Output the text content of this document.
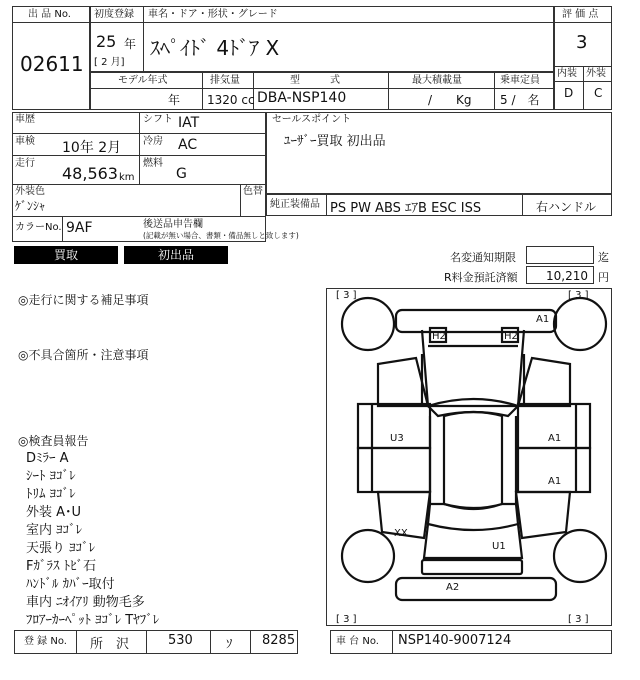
出 品 No.
02611
初度登録 車名・ドア・形状・グレード
25 年
[ 2 月]
ｽﾍﾟｲﾄﾞ 4ﾄﾞｱ X
評 価 点
3
内装 外装
D C
モデル年式	排気量	型　　　式	最大積載量	乗車定員
年 1320 cc DBA-NSP140	/　　Kg 5 /　名
車歴
車検 10年 2月
走行
48,563 km
シフト IAT
冷房 AC
燃料
G
外装色
ｹﾞﾝｼｬ
色替
カラーNo. 9AF	後送品申告欄
(記載が無い場合、書類・備品無しと致します)
セールスポイント
ﾕｰｻﾞｰ買取 初出品
純正装備品 PS PW ABS ｴｱB ESC ISS	右ハンドル
買取	初出品	名変通知期限	迄
R料金預託済額 10,210 円
◎走行に関する補足事項
◎不具合箇所・注意事項
◎検査員報告
Dﾐﾗｰ A
ｼｰﾄ ﾖｺﾞﾚ
ﾄﾘﾑ ﾖｺﾞﾚ
外装 A･U
室内 ﾖｺﾞﾚ
天張り ﾖｺﾞﾚ
Fｶﾞﾗｽ ﾄﾋﾞ石
ﾊﾝﾄﾞﾙ ｶﾊﾞｰ取付
車内 ﾆｵｲｱﾘ 動物毛多
ﾌﾛｱｰｶｰﾍﾟｯﾄ ﾖｺﾞﾚ Tﾔﾌﾞﾚ
[ 3 ]	[ 3 ]
[ 3 ]	[ 3 ]
A1
H2	H2
U3	A1
A1
XX
U1
A2
登 録 No. 所　沢	530	ｿ 8285	車 台 No. NSP140-9007124
